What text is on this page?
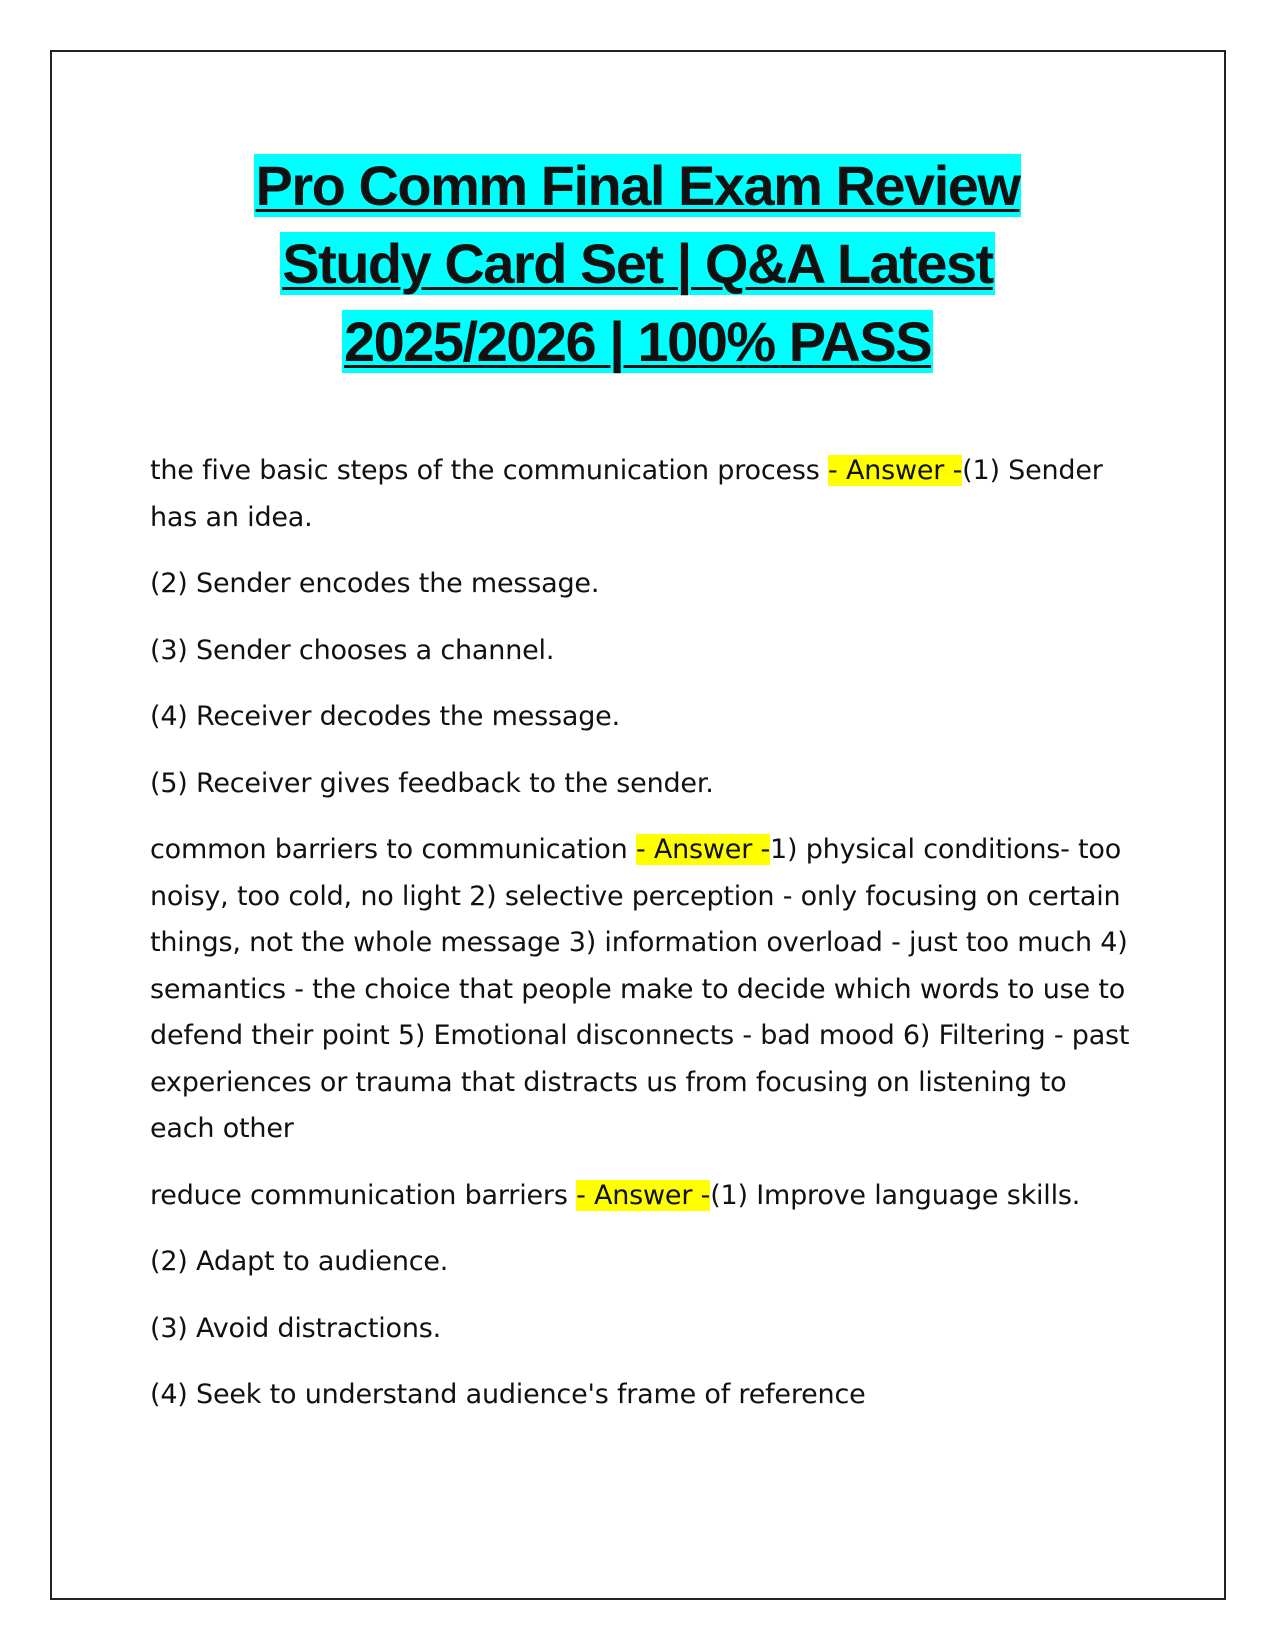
Pro Comm Final Exam Review
Study Card Set | Q&A Latest
2025/2026 | 100% PASS

the five basic steps of the communication process - Answer -(1) Sender has an idea.

(2) Sender encodes the message.

(3) Sender chooses a channel.

(4) Receiver decodes the message.

(5) Receiver gives feedback to the sender.

common barriers to communication - Answer -1) physical conditions- too noisy, too cold, no light 2) selective perception - only focusing on certain things, not the whole message 3) information overload - just too much 4) semantics - the choice that people make to decide which words to use to defend their point 5) Emotional disconnects - bad mood 6) Filtering - past experiences or trauma that distracts us from focusing on listening to each other

reduce communication barriers - Answer -(1) Improve language skills.

(2) Adapt to audience.

(3) Avoid distractions.

(4) Seek to understand audience's frame of reference
